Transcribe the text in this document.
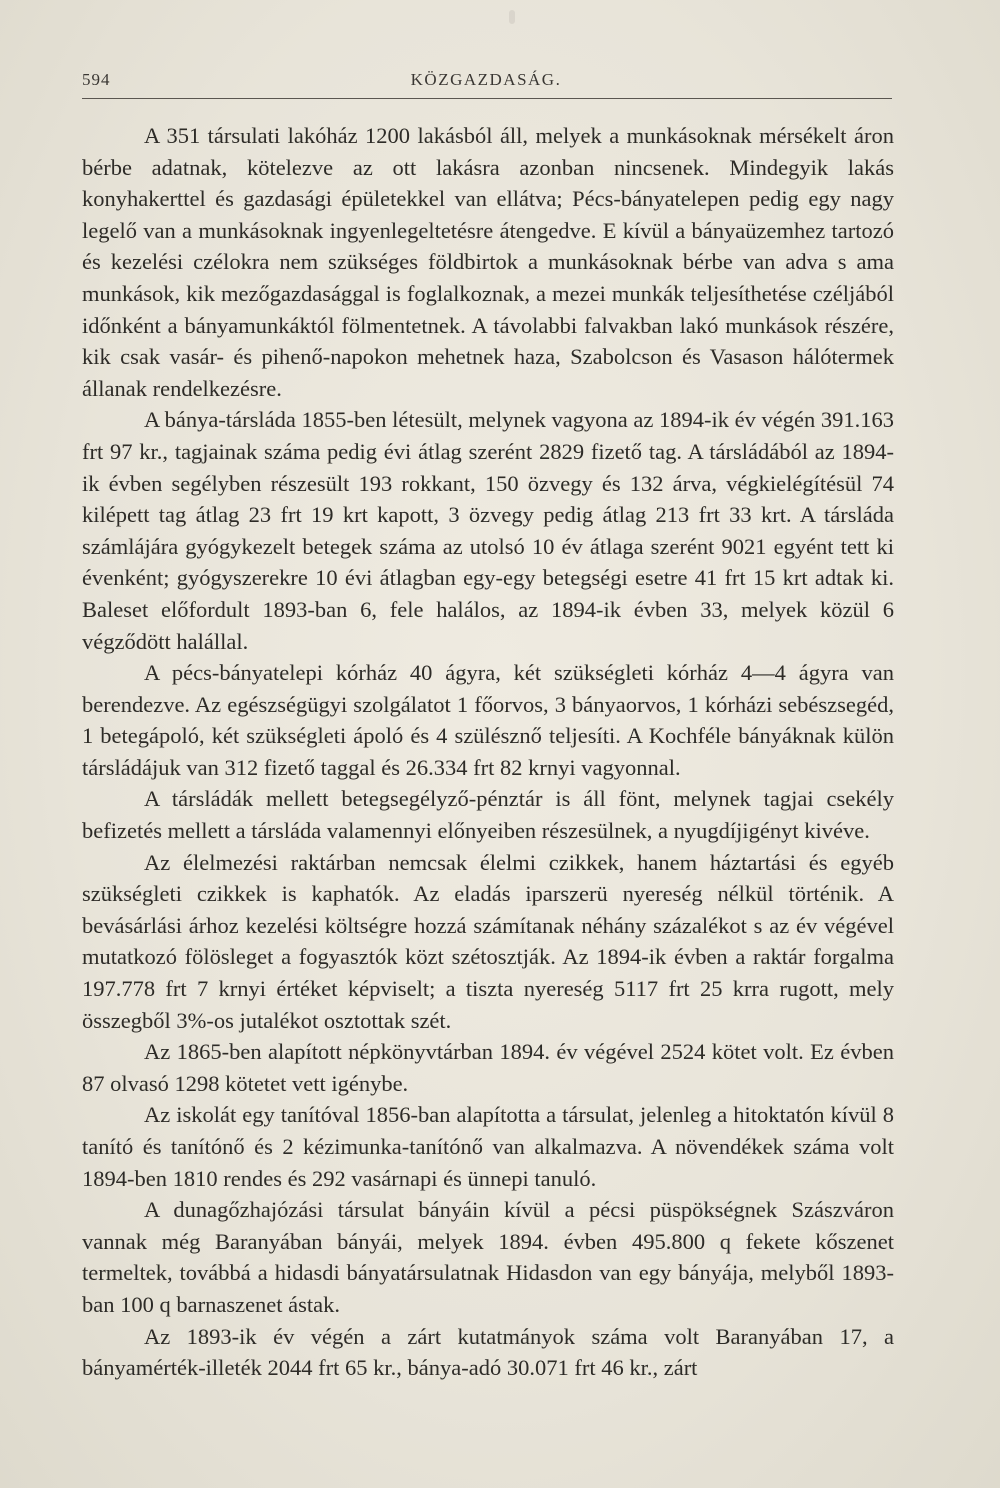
594	KÖZGAZDASÁG.

A 351 társulati lakóház 1200 lakásból áll, melyek a munkásoknak mérsékelt áron bérbe adatnak, kötelezve az ott lakásra azonban nincsenek. Mindegyik lakás konyhakerttel és gazdasági épületekkel van ellátva; Pécs-bányatelepen pedig egy nagy legelő van a munkásoknak ingyenlegeltetésre átengedve. E kívül a bányaüzemhez tartozó és kezelési czélokra nem szükséges földbirtok a munkásoknak bérbe van adva s ama munkások, kik mezőgazdasággal is foglalkoznak, a mezei munkák teljesíthetése czéljából időnként a bányamunkáktól fölmentetnek. A távolabbi falvakban lakó munkások részére, kik csak vasár- és pihenő-napokon mehetnek haza, Szabolcson és Vasason hálótermek állanak rendelkezésre.

A bánya-társláda 1855-ben létesült, melynek vagyona az 1894-ik év végén 391.163 frt 97 kr., tagjainak száma pedig évi átlag szerént 2829 fizető tag. A társládából az 1894-ik évben segélyben részesült 193 rokkant, 150 özvegy és 132 árva, végkielégítésül 74 kilépett tag átlag 23 frt 19 krt kapott, 3 özvegy pedig átlag 213 frt 33 krt. A társláda számlájára gyógykezelt betegek száma az utolsó 10 év átlaga szerént 9021 egyént tett ki évenként; gyógyszerekre 10 évi átlagban egy-egy betegségi esetre 41 frt 15 krt adtak ki. Baleset előfordult 1893-ban 6, fele halálos, az 1894-ik évben 33, melyek közül 6 végződött halállal.

A pécs-bányatelepi kórház 40 ágyra, két szükségleti kórház 4—4 ágyra van berendezve. Az egészségügyi szolgálatot 1 főorvos, 3 bányaorvos, 1 kórházi sebészsegéd, 1 betegápoló, két szükségleti ápoló és 4 szülésznő teljesíti. A Kochféle bányáknak külön társládájuk van 312 fizető taggal és 26.334 frt 82 krnyi vagyonnal.

A társládák mellett betegsegélyző-pénztár is áll fönt, melynek tagjai csekély befizetés mellett a társláda valamennyi előnyeiben részesülnek, a nyugdíjigényt kivéve.

Az élelmezési raktárban nemcsak élelmi czikkek, hanem háztartási és egyéb szükségleti czikkek is kaphatók. Az eladás iparszerü nyereség nélkül történik. A bevásárlási árhoz kezelési költségre hozzá számítanak néhány százalékot s az év végével mutatkozó fölösleget a fogyasztók közt szétosztják. Az 1894-ik évben a raktár forgalma 197.778 frt 7 krnyi értéket képviselt; a tiszta nyereség 5117 frt 25 krra rugott, mely összegből 3%-os jutalékot osztottak szét.

Az 1865-ben alapított népkönyvtárban 1894. év végével 2524 kötet volt. Ez évben 87 olvasó 1298 kötetet vett igénybe.

Az iskolát egy tanítóval 1856-ban alapította a társulat, jelenleg a hitoktatón kívül 8 tanító és tanítónő és 2 kézimunka-tanítónő van alkalmazva. A növendékek száma volt 1894-ben 1810 rendes és 292 vasárnapi és ünnepi tanuló.

A dunagőzhajózási társulat bányáin kívül a pécsi püspökségnek Szászváron vannak még Baranyában bányái, melyek 1894. évben 495.800 q fekete kőszenet termeltek, továbbá a hidasdi bányatársulatnak Hidasdon van egy bányája, melyből 1893-ban 100 q barnaszenet ástak.

Az 1893-ik év végén a zárt kutatmányok száma volt Baranyában 17, a bányamérték-illeték 2044 frt 65 kr., bánya-adó 30.071 frt 46 kr., zárt
